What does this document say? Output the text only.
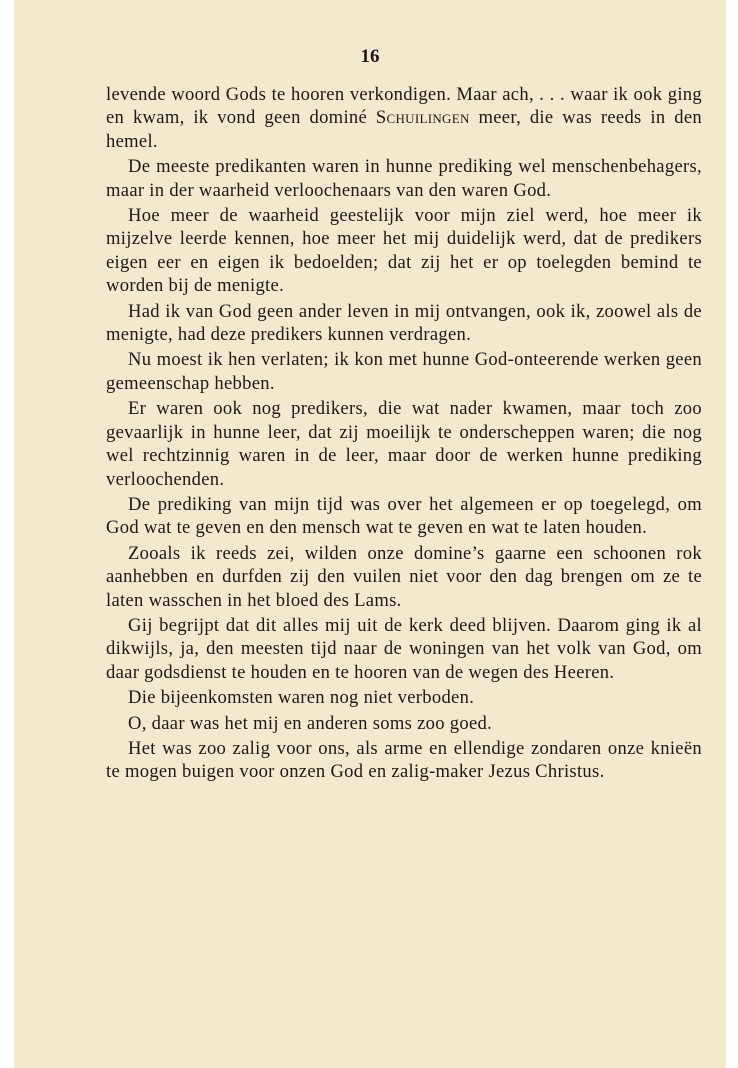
16

levende woord Gods te hooren verkondigen. Maar ach, . . . waar ik ook ging en kwam, ik vond geen dominé Schuilingen meer, die was reeds in den hemel.

De meeste predikanten waren in hunne prediking wel menschenbehagers, maar in der waarheid verloochenaars van den waren God.

Hoe meer de waarheid geestelijk voor mijn ziel werd, hoe meer ik mijzelve leerde kennen, hoe meer het mij duidelijk werd, dat de predikers eigen eer en eigen ik bedoelden; dat zij het er op toelegden bemind te worden bij de menigte.

Had ik van God geen ander leven in mij ontvangen, ook ik, zoowel als de menigte, had deze predikers kunnen verdragen.

Nu moest ik hen verlaten; ik kon met hunne God-onteerende werken geen gemeenschap hebben.

Er waren ook nog predikers, die wat nader kwamen, maar toch zoo gevaarlijk in hunne leer, dat zij moeilijk te onderscheppen waren; die nog wel rechtzinnig waren in de leer, maar door de werken hunne prediking verloochenden.

De prediking van mijn tijd was over het algemeen er op toegelegd, om God wat te geven en den mensch wat te geven en wat te laten houden.

Zooals ik reeds zei, wilden onze domine’s gaarne een schoonen rok aanhebben en durfden zij den vuilen niet voor den dag brengen om ze te laten wasschen in het bloed des Lams.

Gij begrijpt dat dit alles mij uit de kerk deed blijven. Daarom ging ik al dikwijls, ja, den meesten tijd naar de woningen van het volk van God, om daar godsdienst te houden en te hooren van de wegen des Heeren.

Die bijeenkomsten waren nog niet verboden.

O, daar was het mij en anderen soms zoo goed.

Het was zoo zalig voor ons, als arme en ellendige zondaren onze knieën te mogen buigen voor onzen God en zalig-maker Jezus Christus.
